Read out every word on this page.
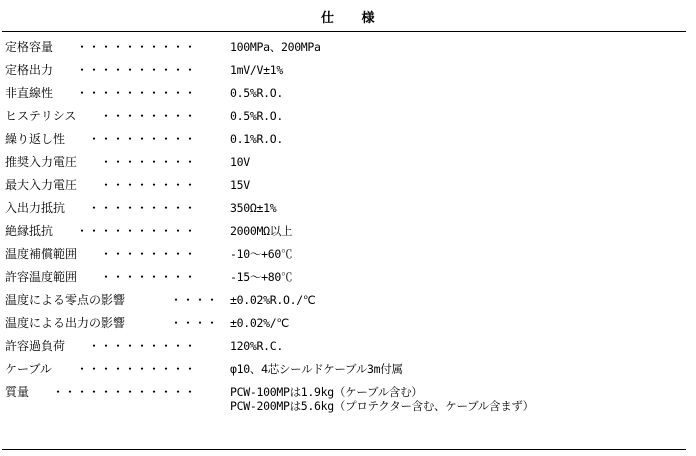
仕　　様
定格容量 ・・・・・・・・・・	100MPa、200MPa
定格出力 ・・・・・・・・・・	1mV/V±1%
非直線性 ・・・・・・・・・・	0.5%R.O.
ヒステリシス ・・・・・・・・	0.5%R.O.
繰り返し性 ・・・・・・・・・	0.1%R.O.
推奨入力電圧 ・・・・・・・・	10V
最大入力電圧 ・・・・・・・・	15V
入出力抵抗 ・・・・・・・・・	350Ω±1%
絶縁抵抗 ・・・・・・・・・・	2000MΩ以上
温度補償範囲 ・・・・・・・・	-10～+60℃
許容温度範囲 ・・・・・・・・	-15～+80℃
温度による零点の影響	・・・・ ±0.02%R.O./℃
温度による出力の影響	・・・・ ±0.02%/℃
許容過負荷 ・・・・・・・・・	120%R.C.
ケーブル ・・・・・・・・・・	φ10、4芯シールドケーブル3m付属
質量 ・・・・・・・・・・・・	PCW-100MPは1.9kg（ケーブル含む）
PCW-200MPは5.6kg（プロテクター含む、ケーブル含まず）
